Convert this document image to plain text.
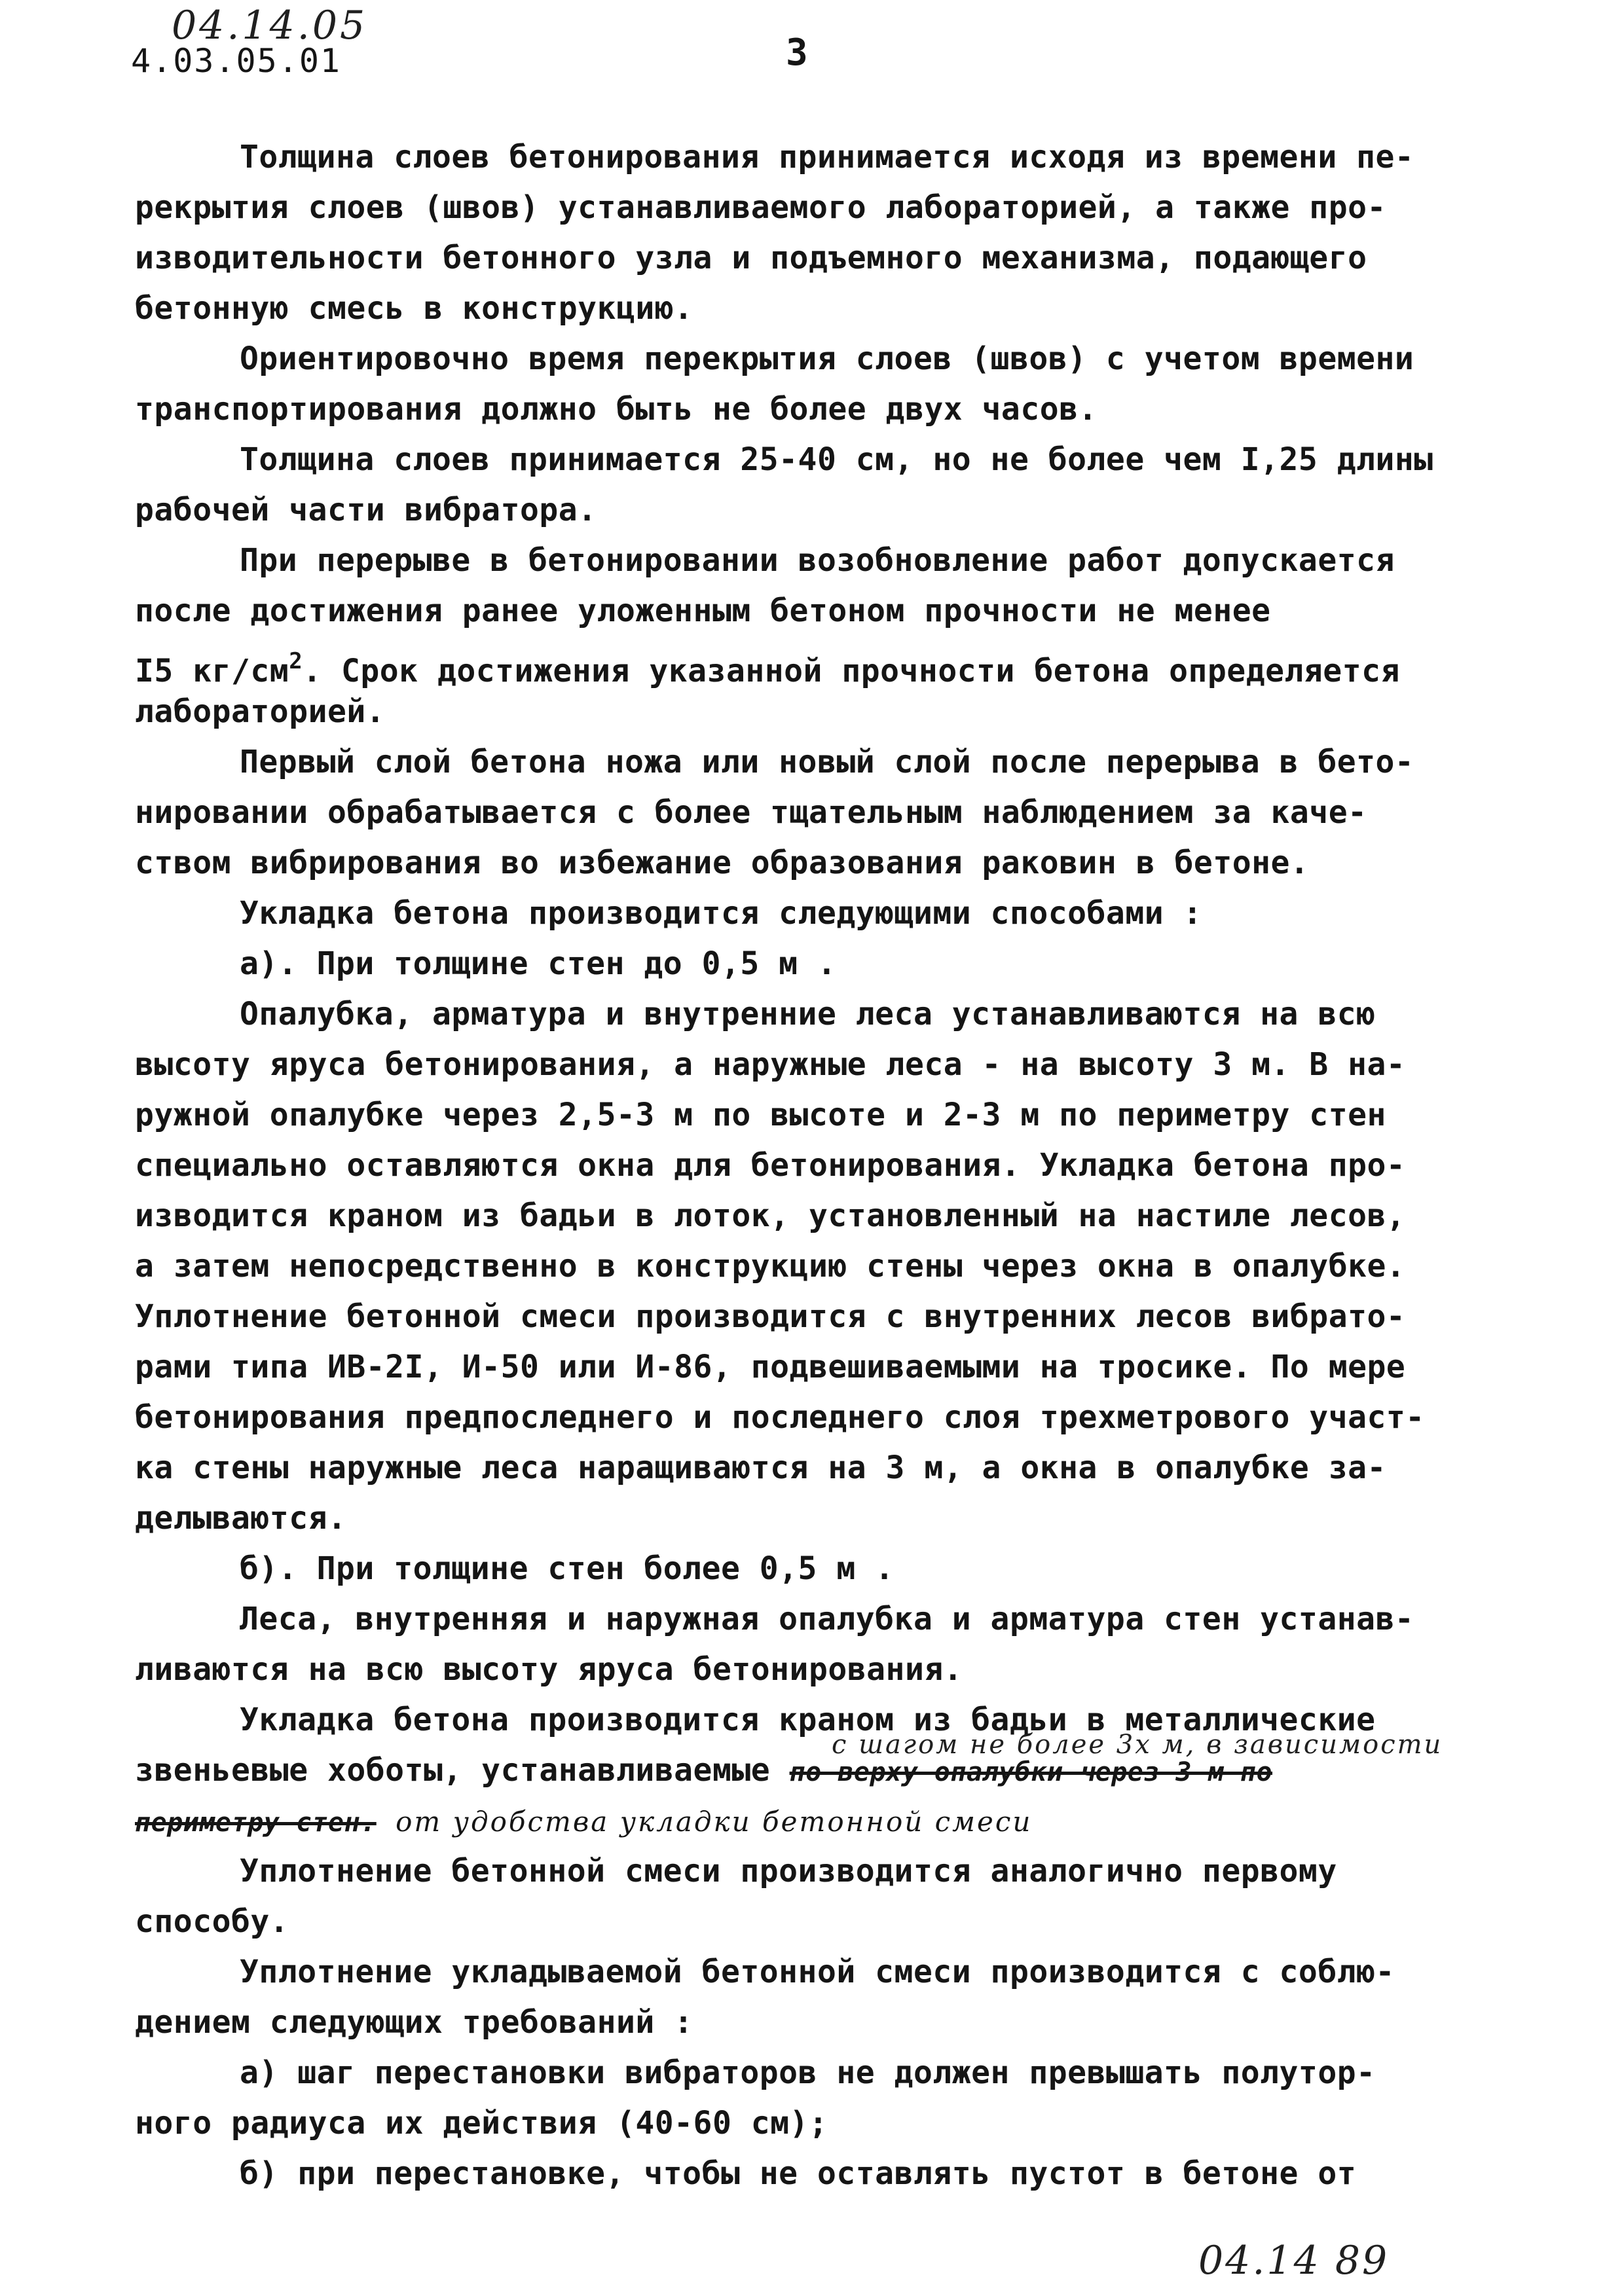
04.14.05
4.03.05.01	3
с шагом не более 3х м, в зависимости
Толщина слоев бетонирования принимается исходя из времени пе-
рекрытия слоев (швов) устанавливаемого лабораторией, а также про-
изводительности бетонного узла и подъемного механизма, подающего
бетонную смесь в конструкцию.
Ориентировочно время перекрытия слоев (швов) с учетом времени
транспортирования должно быть не более двух часов.
Толщина слоев принимается 25-40 см, но не более чем I,25 длины
рабочей части вибратора.
При перерыве в бетонировании возобновление работ допускается
после достижения ранее уложенным бетоном прочности не менее
I5 $кг/см^2$. Срок достижения указанной прочности бетона определяется
лабораторией.
Первый слой бетона ножа или новый слой после перерыва в бето-
нировании обрабатывается с более тщательным наблюдением за каче-
ством вибрирования во избежание образования раковин в бетоне.
Укладка бетона производится следующими способами :
а). При толщине стен до 0,5 м .
Опалубка, арматура и внутренние леса устанавливаются на всю
высоту яруса бетонирования, а наружные леса - на высоту 3 м. В на-
ружной опалубке через 2,5-3 м по высоте и 2-3 м по периметру стен
специально оставляются окна для бетонирования. Укладка бетона про-
изводится краном из бадьи в лоток, установленный на настиле лесов,
а затем непосредственно в конструкцию стены через окна в опалубке.
Уплотнение бетонной смеси производится с внутренних лесов вибрато-
рами типа ИВ-2I, И-50 или И-86, подвешиваемыми на тросике. По мере
бетонирования предпоследнего и последнего слоя трехметрового участ-
ка стены наружные леса наращиваются на 3 м, а окна в опалубке за-
делываются.
б). При толщине стен более 0,5 м .
Леса, внутренняя и наружная опалубка и арматура стен устанав-
ливаются на всю высоту яруса бетонирования.
Укладка бетона производится краном из бадьи в металлические
звеньевые хоботы, устанавливаемые по верху опалубки через 3 м по
периметру стен. от удобства укладки бетонной смеси
Уплотнение бетонной смеси производится аналогично первому
способу.
Уплотнение укладываемой бетонной смеси производится с соблю-
дением следующих требований :
а) шаг перестановки вибраторов не должен превышать полутор-
ного радиуса их действия (40-60 см);
б) при перестановке, чтобы не оставлять пустот в бетоне от
04.14 89
